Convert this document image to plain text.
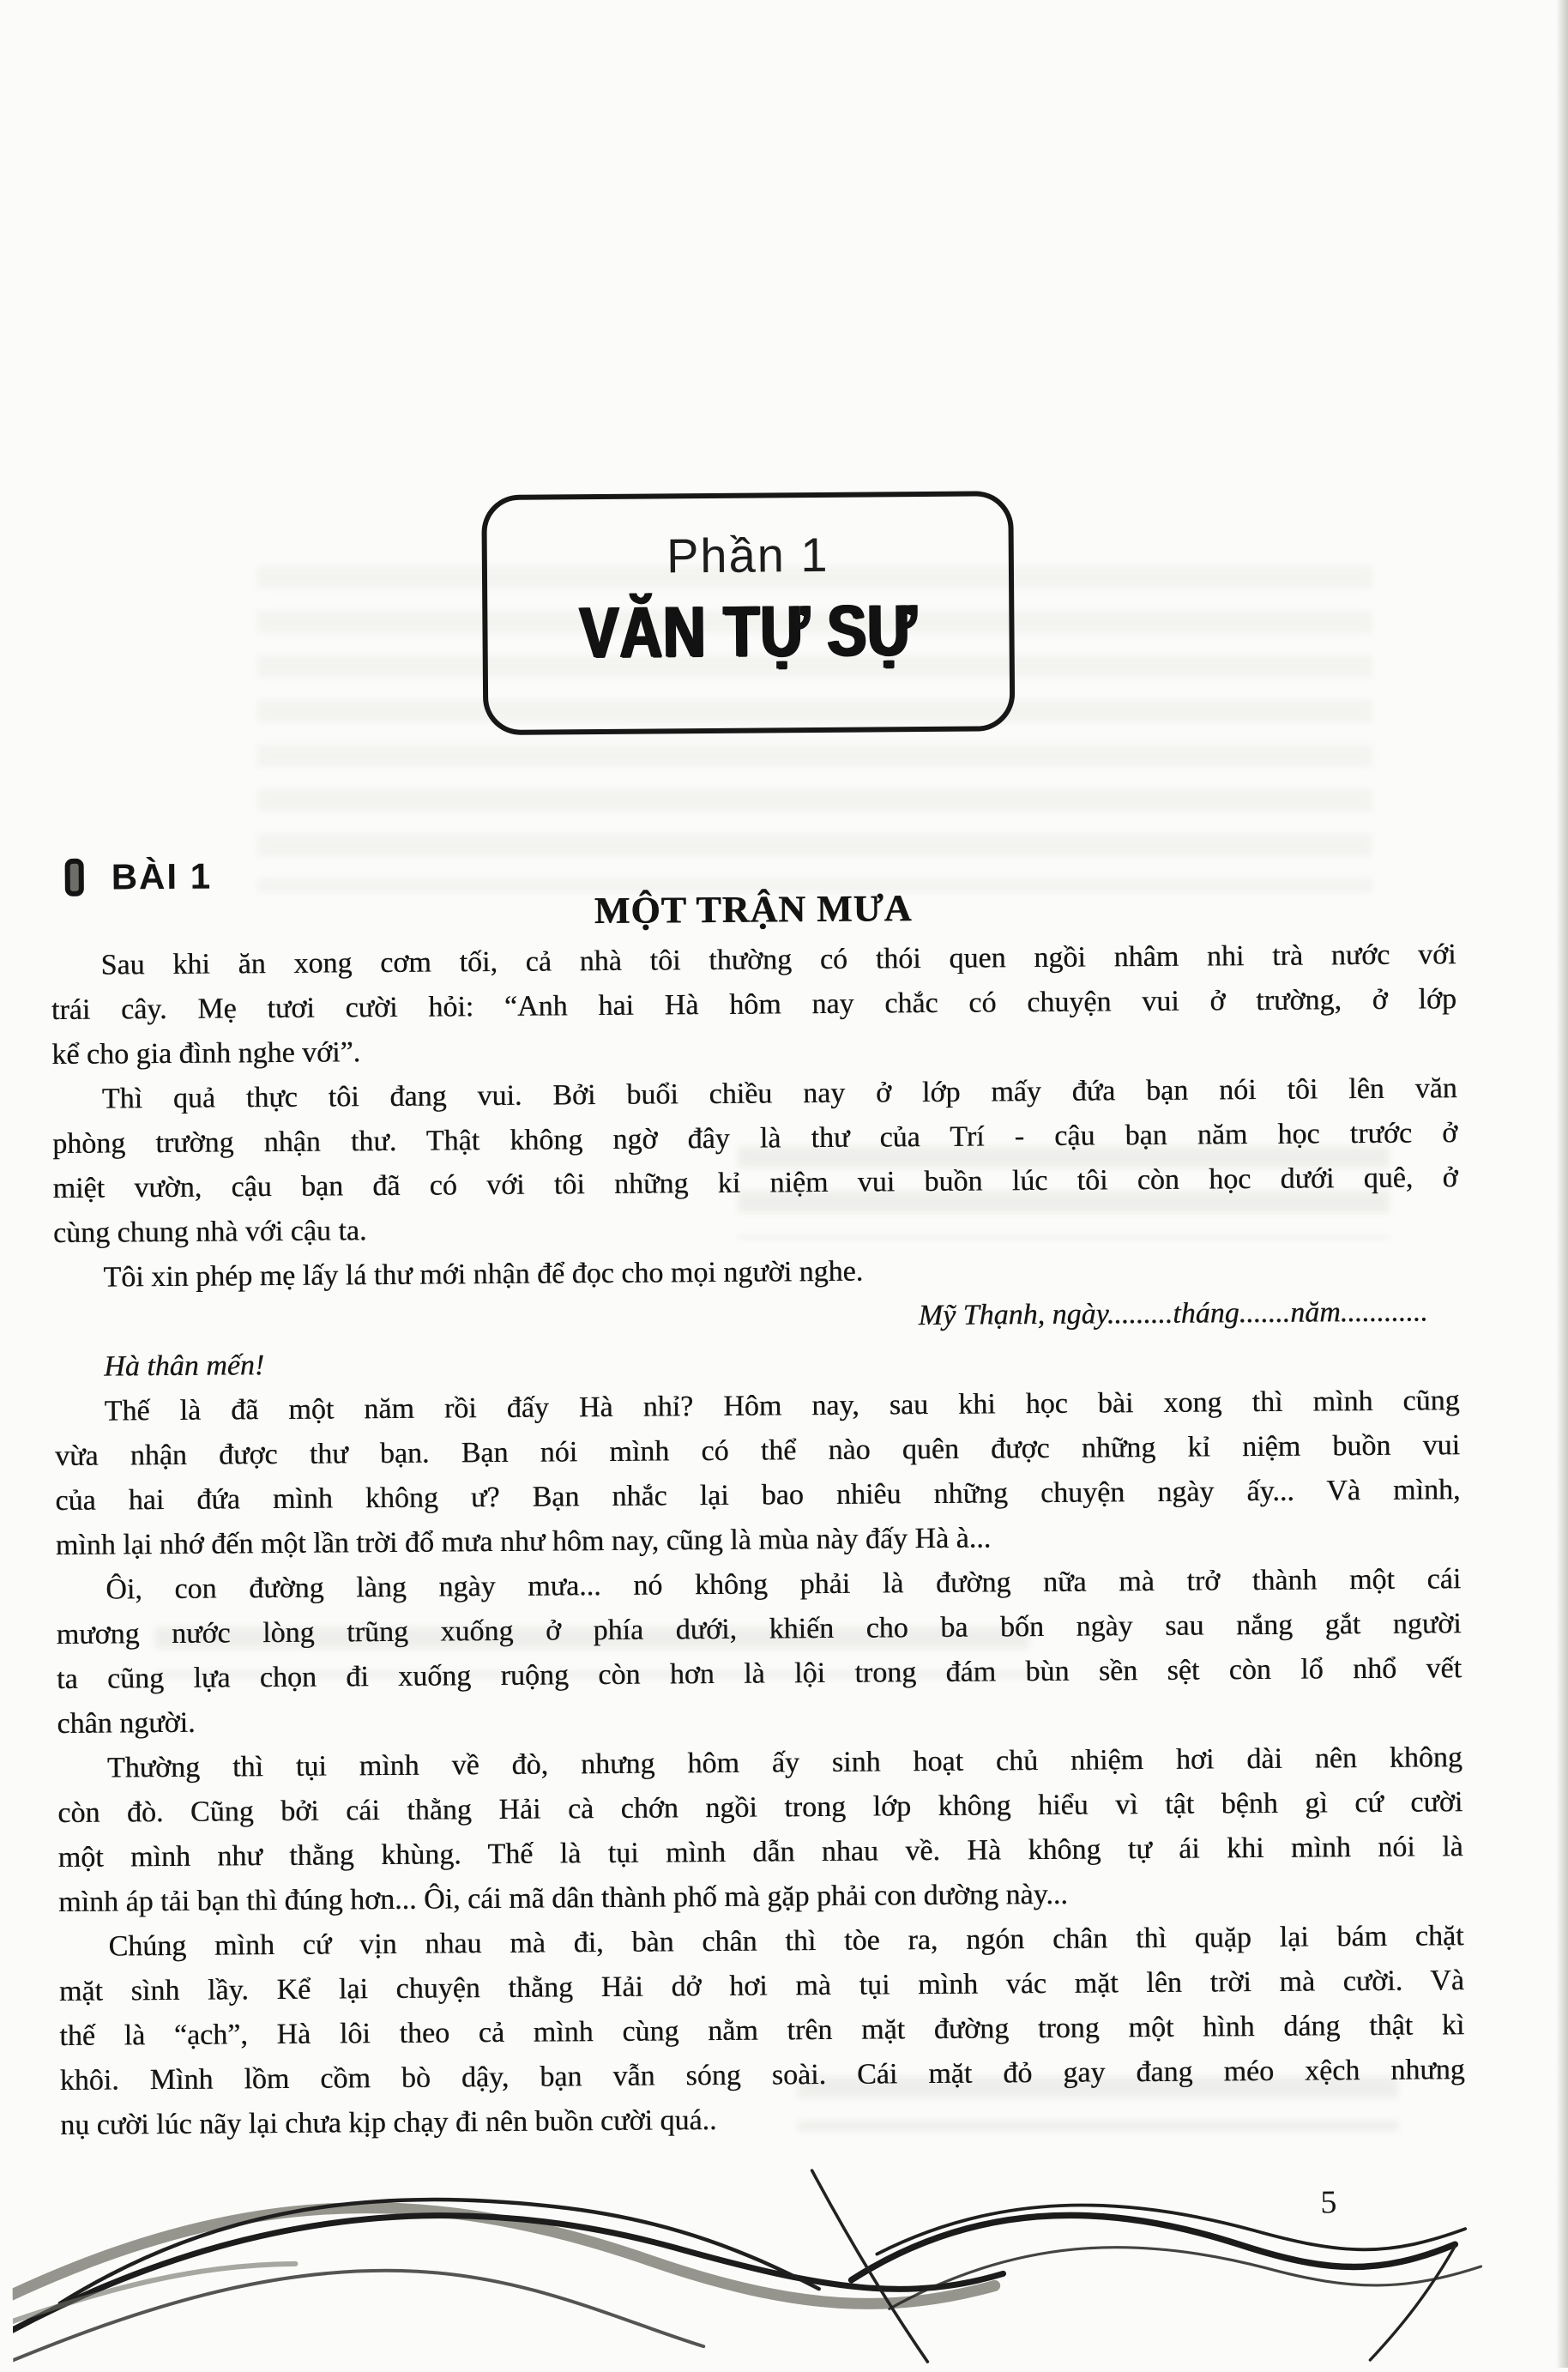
Phần 1
VĂN TỰ SỰ
BÀI 1
MỘT TRẬN MƯA
Sau khi ăn xong cơm tối, cả nhà tôi thường có thói quen ngồi nhâm nhi trà nước với
trái cây. Mẹ tươi cười hỏi: “Anh hai Hà hôm nay chắc có chuyện vui ở trường, ở lớp
kể cho gia đình nghe với”.
Thì quả thực tôi đang vui. Bởi buổi chiều nay ở lớp mấy đứa bạn nói tôi lên văn
phòng trường nhận thư. Thật không ngờ đây là thư của Trí - cậu bạn năm học trước ở
miệt vườn, cậu bạn đã có với tôi những kỉ niệm vui buồn lúc tôi còn học dưới quê, ở
cùng chung nhà với cậu ta.
Tôi xin phép mẹ lấy lá thư mới nhận để đọc cho mọi người nghe.
Mỹ Thạnh, ngày.........tháng.......năm............
Hà thân mến!
Thế là đã một năm rồi đấy Hà nhỉ? Hôm nay, sau khi học bài xong thì mình cũng
vừa nhận được thư bạn. Bạn nói mình có thể nào quên được những kỉ niệm buồn vui
của hai đứa mình không ư? Bạn nhắc lại bao nhiêu những chuyện ngày ấy... Và mình,
mình lại nhớ đến một lần trời đổ mưa như hôm nay, cũng là mùa này đấy Hà à...
Ôi, con đường làng ngày mưa... nó không phải là đường nữa mà trở thành một cái
mương nước lòng trũng xuống ở phía dưới, khiến cho ba bốn ngày sau nắng gắt người
ta cũng lựa chọn đi xuống ruộng còn hơn là lội trong đám bùn sền sệt còn lổ nhổ vết
chân người.
Thường thì tụi mình về đò, nhưng hôm ấy sinh hoạt chủ nhiệm hơi dài nên không
còn đò. Cũng bởi cái thằng Hải cà chớn ngồi trong lớp không hiểu vì tật bệnh gì cứ cười
một mình như thằng khùng. Thế là tụi mình dẫn nhau về. Hà không tự ái khi mình nói là
mình áp tải bạn thì đúng hơn... Ôi, cái mã dân thành phố mà gặp phải con dường này...
Chúng mình cứ vịn nhau mà đi, bàn chân thì tòe ra, ngón chân thì quặp lại bám chặt
mặt sình lầy. Kể lại chuyện thằng Hải dở hơi mà tụi mình vác mặt lên trời mà cười. Và
thế là “ạch”, Hà lôi theo cả mình cùng nằm trên mặt đường trong một hình dáng thật kì
khôi. Mình lồm cồm bò dậy, bạn vẫn sóng soài. Cái mặt đỏ gay đang méo xệch nhưng
nụ cười lúc nãy lại chưa kịp chạy đi nên buồn cười quá..
5
